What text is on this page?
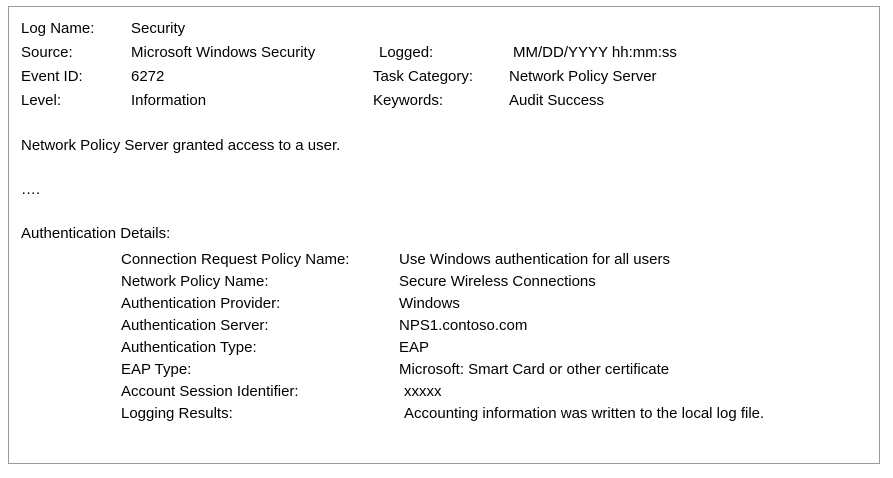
Log Name: Security
Source:	Microsoft Windows Security	Logged:	MM/DD/YYYY hh:mm:ss
Event ID:	6272	Task Category: Network Policy Server
Level:	Information	Keywords:	Audit Success
Network Policy Server granted access to a user.
….
Authentication Details:
Connection Request Policy Name:	Use Windows authentication for all users
Network Policy Name:	Secure Wireless Connections
Authentication Provider:	Windows
Authentication Server:	NPS1.contoso.com
Authentication Type:	EAP
EAP Type:	Microsoft: Smart Card or other certificate
Account Session Identifier:	xxxxx
Logging Results:	Accounting information was written to the local log file.
